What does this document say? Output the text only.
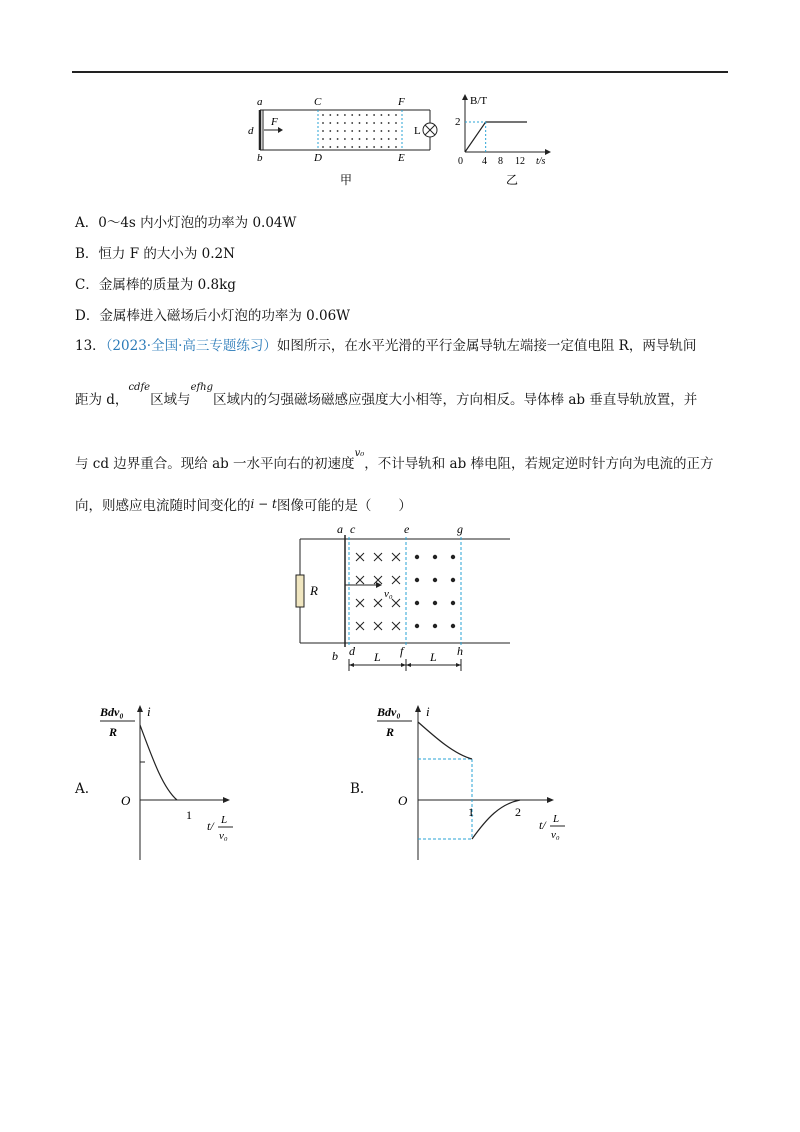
a
b
d
F
C
D
F
E
L
甲
B/T
2
0 4 8 12 t/s
乙
A．0～4s 内小灯泡的功率为 0.04W
B．恒力 F 的大小为 0.2N
C．金属棒的质量为 0.8kg
D．金属棒进入磁场后小灯泡的功率为 0.06W
13．（2023·全国·高三专题练习）如图所示，在水平光滑的平行金属导轨左端接一定值电阻 R，两导轨间
距为 d，$^{cdfe}$区域与$^{efhg}$区域内的匀强磁场磁感应强度大小相等，方向相反。导体棒 ab 垂直导轨放置，并
与 cd 边界重合。现给 ab 一水平向右的初速度$^{v_0}$，不计导轨和 ab 棒电阻，若规定逆时针方向为电流的正方
向，则感应电流随时间变化的i − t图像可能的是（　　）
R	v₀
a c	e	g
b d	f	h
L	L
A.
Bdv₀
R
i
O
1
t/ L
v₀
B.
Bdv₀
R
i
O
1	2
t/ L
v₀
